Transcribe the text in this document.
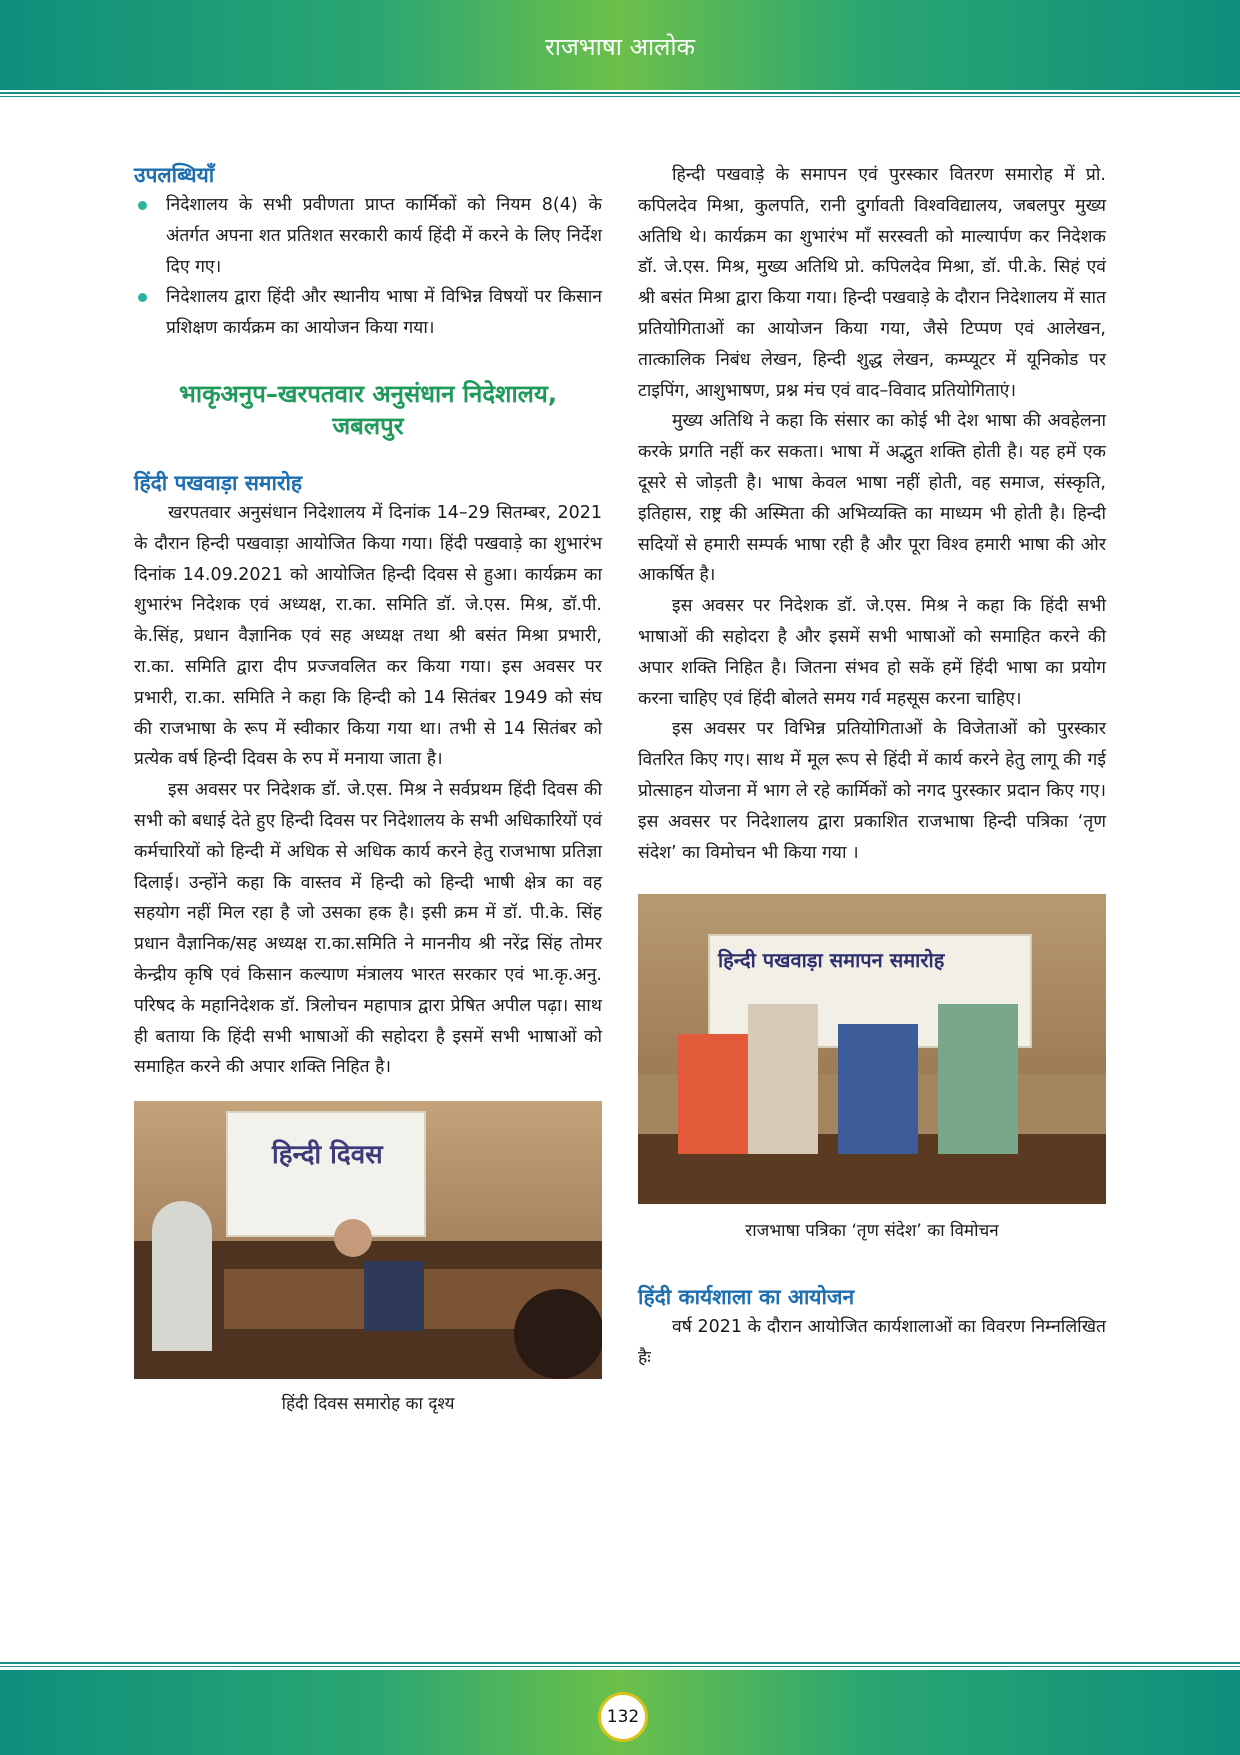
राजभाषा आलोक
उपलब्धियाँ
निदेशालय के सभी प्रवीणता प्राप्त कार्मिकों को नियम 8(4) के अंतर्गत अपना शत प्रतिशत सरकारी कार्य हिंदी में करने के लिए निर्देश दिए गए।
निदेशालय द्वारा हिंदी और स्थानीय भाषा में विभिन्न विषयों पर किसान प्रशिक्षण कार्यक्रम का आयोजन किया गया।
भाकृअनुप–खरपतवार अनुसंधान निदेशालय,
जबलपुर
हिंदी पखवाड़ा समारोह

खरपतवार अनुसंधान निदेशालय में दिनांक 14–29 सितम्बर, 2021 के दौरान हिन्दी पखवाड़ा आयोजित किया गया। हिंदी पखवाड़े का शुभारंभ दिनांक 14.09.2021 को आयोजित हिन्दी दिवस से हुआ। कार्यक्रम का शुभारंभ निदेशक एवं अध्यक्ष, रा.का. समिति डॉ. जे.एस. मिश्र, डॉ.पी. के.सिंह, प्रधान वैज्ञानिक एवं सह अध्यक्ष तथा श्री बसंत मिश्रा प्रभारी, रा.का. समिति द्वारा दीप प्रज्जवलित कर किया गया। इस अवसर पर प्रभारी, रा.का. समिति ने कहा कि हिन्दी को 14 सितंबर 1949 को संघ की राजभाषा के रूप में स्वीकार किया गया था। तभी से 14 सितंबर को प्रत्येक वर्ष हिन्दी दिवस के रुप में मनाया जाता है।

इस अवसर पर निदेशक डॉ. जे.एस. मिश्र ने सर्वप्रथम हिंदी दिवस की सभी को बधाई देते हुए हिन्दी दिवस पर निदेशालय के सभी अधिकारियों एवं कर्मचारियों को हिन्दी में अधिक से अधिक कार्य करने हेतु राजभाषा प्रतिज्ञा दिलाई। उन्होंने कहा कि वास्तव में हिन्दी को हिन्दी भाषी क्षेत्र का वह सहयोग नहीं मिल रहा है जो उसका हक है। इसी क्रम में डॉ. पी.के. सिंह प्रधान वैज्ञानिक/सह अध्यक्ष रा.का.समिति ने माननीय श्री नरेंद्र सिंह तोमर केन्द्रीय कृषि एवं किसान कल्याण मंत्रालय भारत सरकार एवं भा.कृ.अनु. परिषद के महानिदेशक डॉ. त्रिलोचन महापात्र द्वारा प्रेषित अपील पढ़ा। साथ ही बताया कि हिंदी सभी भाषाओं की सहोदरा है इसमें सभी भाषाओं को समाहित करने की अपार शक्ति निहित है।

हिन्दी दिवस
हिंदी दिवस समारोह का दृश्य

हिन्दी पखवाड़े के समापन एवं पुरस्कार वितरण समारोह में प्रो. कपिलदेव मिश्रा, कुलपति, रानी दुर्गावती विश्वविद्यालय, जबलपुर मुख्य अतिथि थे। कार्यक्रम का शुभारंभ माँ सरस्वती को माल्यार्पण कर निदेशक डॉ. जे.एस. मिश्र, मुख्य अतिथि प्रो. कपिलदेव मिश्रा, डॉ. पी.के. सिहं एवं श्री बसंत मिश्रा द्वारा किया गया। हिन्दी पखवाड़े के दौरान निदेशालय में सात प्रतियोगिताओं का आयोजन किया गया, जैसे टिप्पण एवं आलेखन, तात्कालिक निबंध लेखन, हिन्दी शुद्ध लेखन, कम्प्यूटर में यूनिकोड पर टाइपिंग, आशुभाषण, प्रश्न मंच एवं वाद–विवाद प्रतियोगिताएं।

मुख्य अतिथि ने कहा कि संसार का कोई भी देश भाषा की अवहेलना करके प्रगति नहीं कर सकता। भाषा में अद्भुत शक्ति होती है। यह हमें एक दूसरे से जोड़ती है। भाषा केवल भाषा नहीं होती, वह समाज, संस्कृति, इतिहास, राष्ट्र की अस्मिता की अभिव्यक्ति का माध्यम भी होती है। हिन्दी सदियों से हमारी सम्पर्क भाषा रही है और पूरा विश्व हमारी भाषा की ओर आकर्षित है।

इस अवसर पर निदेशक डॉ. जे.एस. मिश्र ने कहा कि हिंदी सभी भाषाओं की सहोदरा है और इसमें सभी भाषाओं को समाहित करने की अपार शक्ति निहित है। जितना संभव हो सकें हमें हिंदी भाषा का प्रयोग करना चाहिए एवं हिंदी बोलते समय गर्व महसूस करना चाहिए।

इस अवसर पर विभिन्न प्रतियोगिताओं के विजेताओं को पुरस्कार वितरित किए गए। साथ में मूल रूप से हिंदी में कार्य करने हेतु लागू की गई प्रोत्साहन योजना में भाग ले रहे कार्मिकों को नगद पुरस्कार प्रदान किए गए। इस अवसर पर निदेशालय द्वारा प्रकाशित राजभाषा हिन्दी पत्रिका ‘तृण संदेश’ का विमोचन भी किया गया ।

हिन्दी पखवाड़ा समापन समारोह
राजभाषा पत्रिका ‘तृण संदेश’ का विमोचन
हिंदी कार्यशाला का आयोजन

वर्ष 2021 के दौरान आयोजित कार्यशालाओं का विवरण निम्नलिखित हैः

132
